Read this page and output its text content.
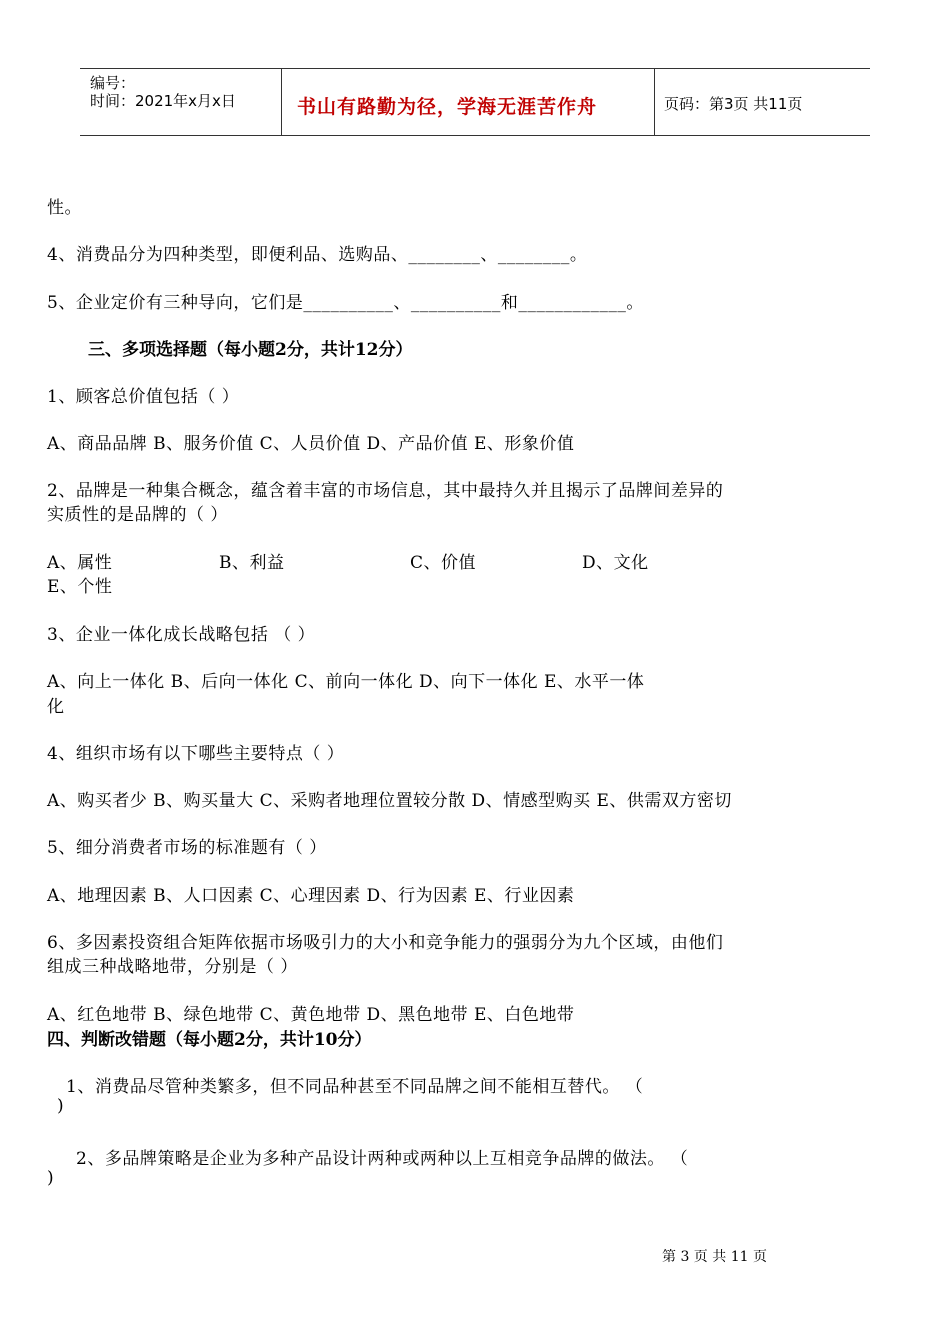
编号：
时间：2021年x月x日	书山有路勤为径，学海无涯苦作舟	页码：第3页 共11页
性。
4、消费品分为四种类型，即便利品、选购品、________、________。
5、企业定价有三种导向，它们是__________、__________和____________。
三、多项选择题（每小题2分，共计12分）
1、顾客总价值包括（ ）
A、商品品牌 B、服务价值 C、人员价值 D、产品价值 E、形象价值
2、品牌是一种集合概念，蕴含着丰富的市场信息，其中最持久并且揭示了品牌间差异的
实质性的是品牌的（ ）
A、属性	B、利益	C、价值	D、文化
E、个性
3、企业一体化成长战略包括 （ ）
A、向上一体化 B、后向一体化 C、前向一体化 D、向下一体化 E、水平一体
化
4、组织市场有以下哪些主要特点（ ）
A、购买者少 B、购买量大 C、采购者地理位置较分散 D、情感型购买 E、供需双方密切
5、细分消费者市场的标准题有（ ）
A、地理因素 B、人口因素 C、心理因素 D、行为因素 E、行业因素
6、多因素投资组合矩阵依据市场吸引力的大小和竞争能力的强弱分为九个区域，由他们
组成三种战略地带，分别是（ ）
A、红色地带 B、绿色地带 C、黄色地带 D、黑色地带 E、白色地带
四、判断改错题（每小题2分，共计10分）
1、消费品尽管种类繁多，但不同品种甚至不同品牌之间不能相互替代。 （
)
2、多品牌策略是企业为多种产品设计两种或两种以上互相竞争品牌的做法。 （
)
第 3 页 共 11 页
